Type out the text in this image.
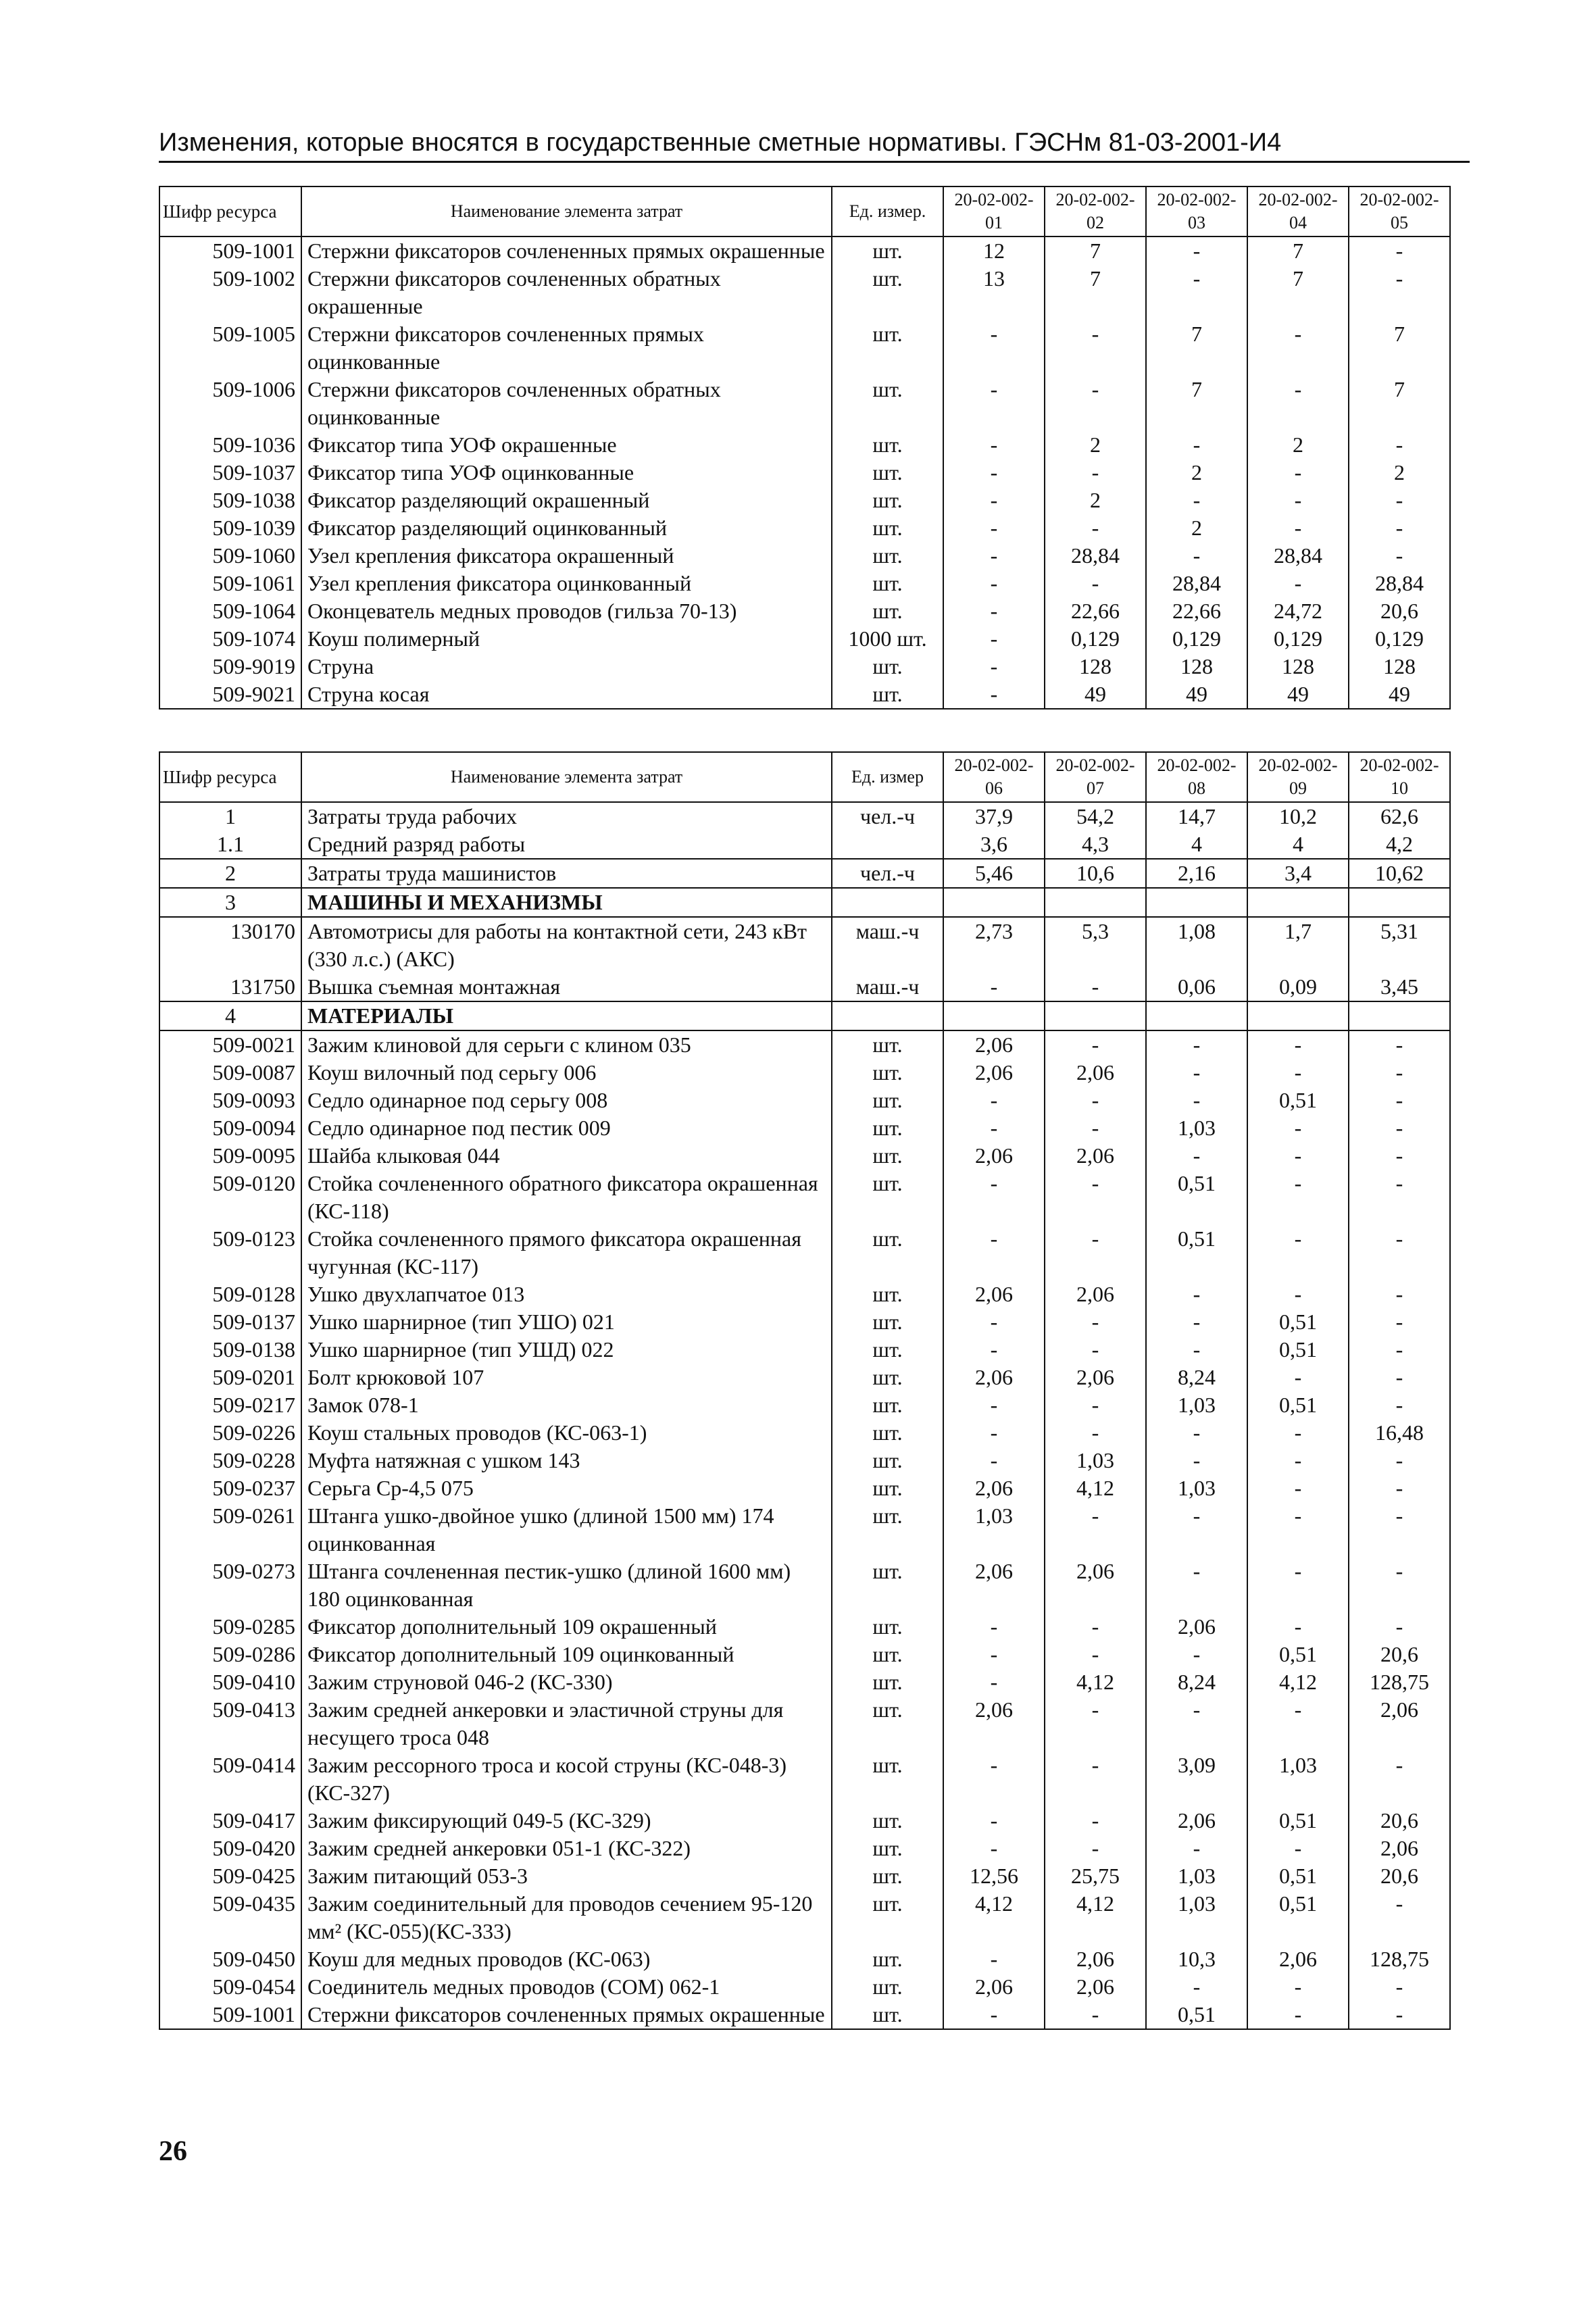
Изменения, которые вносятся в государственные сметные нормативы. ГЭСНм 81-03-2001-И4
Шифр ресурса	Наименование элемента затрат	Ед. измер.	20-02-002-01	20-02-002-02	20-02-002-03	20-02-002-04	20-02-002-05
509-1001	Стержни фиксаторов сочлененных прямых окрашенные	шт.	12	7	-	7	-
509-1002	Стержни фиксаторов сочлененных обратных окрашенные	шт.	13	7	-	7	-
509-1005	Стержни фиксаторов сочлененных прямых оцинкованные	шт.	-	-	7	-	7
509-1006	Стержни фиксаторов сочлененных обратных оцинкованные	шт.	-	-	7	-	7
509-1036	Фиксатор типа УОФ окрашенные	шт.	-	2	-	2	-
509-1037	Фиксатор типа УОФ оцинкованные	шт.	-	-	2	-	2
509-1038	Фиксатор разделяющий окрашенный	шт.	-	2	-	-	-
509-1039	Фиксатор разделяющий оцинкованный	шт.	-	-	2	-	-
509-1060	Узел крепления фиксатора окрашенный	шт.	-	28,84	-	28,84	-
509-1061	Узел крепления фиксатора оцинкованный	шт.	-	-	28,84	-	28,84
509-1064	Оконцеватель медных проводов (гильза 70-13)	шт.	-	22,66	22,66	24,72	20,6
509-1074	Коуш полимерный	1000 шт.	-	0,129	0,129	0,129	0,129
509-9019	Струна	шт.	-	128	128	128	128
509-9021	Струна косая	шт.	-	49	49	49	49
Шифр ресурса	Наименование элемента затрат	Ед. измер	20-02-002-06	20-02-002-07	20-02-002-08	20-02-002-09	20-02-002-10
1	Затраты труда рабочих	чел.-ч	37,9	54,2	14,7	10,2	62,6
1.1	Средний разряд работы		3,6	4,3	4	4	4,2
2	Затраты труда машинистов	чел.-ч	5,46	10,6	2,16	3,4	10,62
3	МАШИНЫ И МЕХАНИЗМЫ						
130170	Автомотрисы для работы на контактной сети, 243 кВт (330 л.с.) (АКС)	маш.-ч	2,73	5,3	1,08	1,7	5,31
131750	Вышка съемная монтажная	маш.-ч	-	-	0,06	0,09	3,45
4	МАТЕРИАЛЫ						
509-0021	Зажим клиновой для серьги с клином 035	шт.	2,06	-	-	-	-
509-0087	Коуш вилочный под серьгу 006	шт.	2,06	2,06	-	-	-
509-0093	Седло одинарное под серьгу 008	шт.	-	-	-	0,51	-
509-0094	Седло одинарное под пестик 009	шт.	-	-	1,03	-	-
509-0095	Шайба клыковая 044	шт.	2,06	2,06	-	-	-
509-0120	Стойка сочлененного обратного фиксатора окрашенная (КС-118)	шт.	-	-	0,51	-	-
509-0123	Стойка сочлененного прямого фиксатора окрашенная чугунная (КС-117)	шт.	-	-	0,51	-	-
509-0128	Ушко двухлапчатое 013	шт.	2,06	2,06	-	-	-
509-0137	Ушко шарнирное (тип УШО) 021	шт.	-	-	-	0,51	-
509-0138	Ушко шарнирное (тип УШД) 022	шт.	-	-	-	0,51	-
509-0201	Болт крюковой 107	шт.	2,06	2,06	8,24	-	-
509-0217	Замок 078-1	шт.	-	-	1,03	0,51	-
509-0226	Коуш стальных проводов (КС-063-1)	шт.	-	-	-	-	16,48
509-0228	Муфта натяжная с ушком 143	шт.	-	1,03	-	-	-
509-0237	Серьга Ср-4,5 075	шт.	2,06	4,12	1,03	-	-
509-0261	Штанга ушко-двойное ушко (длиной 1500 мм) 174 оцинкованная	шт.	1,03	-	-	-	-
509-0273	Штанга сочлененная пестик-ушко (длиной 1600 мм) 180 оцинкованная	шт.	2,06	2,06	-	-	-
509-0285	Фиксатор дополнительный 109 окрашенный	шт.	-	-	2,06	-	-
509-0286	Фиксатор дополнительный 109 оцинкованный	шт.	-	-	-	0,51	20,6
509-0410	Зажим струновой 046-2 (КС-330)	шт.	-	4,12	8,24	4,12	128,75
509-0413	Зажим средней анкеровки и эластичной струны для несущего троса 048	шт.	2,06	-	-	-	2,06
509-0414	Зажим рессорного троса и косой струны (КС-048-3) (КС-327)	шт.	-	-	3,09	1,03	-
509-0417	Зажим фиксирующий 049-5 (КС-329)	шт.	-	-	2,06	0,51	20,6
509-0420	Зажим средней анкеровки 051-1 (КС-322)	шт.	-	-	-	-	2,06
509-0425	Зажим питающий 053-3	шт.	12,56	25,75	1,03	0,51	20,6
509-0435	Зажим соединительный для проводов сечением 95-120 мм² (КС-055)(КС-333)	шт.	4,12	4,12	1,03	0,51	-
509-0450	Коуш для медных проводов (КС-063)	шт.	-	2,06	10,3	2,06	128,75
509-0454	Соединитель медных проводов (СОМ) 062-1	шт.	2,06	2,06	-	-	-
509-1001	Стержни фиксаторов сочлененных прямых окрашенные	шт.	-	-	0,51	-	-
26
